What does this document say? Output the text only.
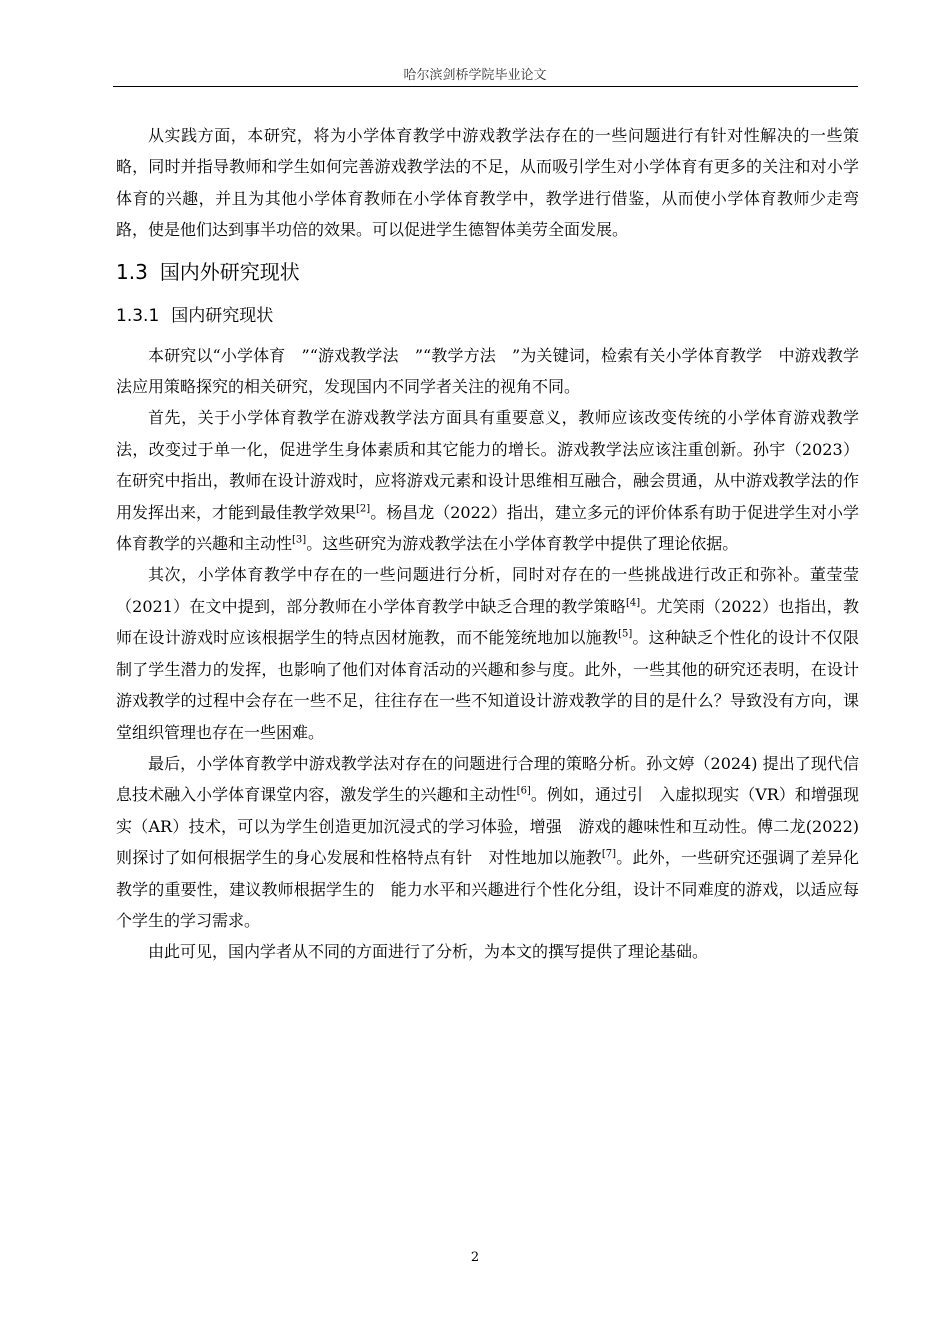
哈尔滨剑桥学院毕业论文

从实践方面，本研究，将为小学体育教学中游戏教学法存在的一些问题进行有针对性解决的一些策略，同时并指导教师和学生如何完善游戏教学法的不足，从而吸引学生对小学体育有更多的关注和对小学体育的兴趣，并且为其他小学体育教师在小学体育教学中，教学进行借鉴，从而使小学体育教师少走弯路，使是他们达到事半功倍的效果。可以促进学生德智体美劳全面发展。

1.3 国内外研究现状
1.3.1 国内研究现状

本研究以“小学体育　”“游戏教学法　”“教学方法　”为关键词，检索有关小学体育教学　中游戏教学法应用策略探究的相关研究，发现国内不同学者关注的视角不同。

首先，关于小学体育教学在游戏教学法方面具有重要意义，教师应该改变传统的小学体育游戏教学法，改变过于单一化，促进学生身体素质和其它能力的增长。游戏教学法应该注重创新。孙宇（2023）在研究中指出，教师在设计游戏时，应将游戏元素和设计思维相互融合，融会贯通，从中游戏教学法的作用发挥出来，才能到最佳教学效果[2]。杨昌龙（2022）指出，建立多元的评价体系有助于促进学生对小学体育教学的兴趣和主动性[3]。这些研究为游戏教学法在小学体育教学中提供了理论依据。

其次，小学体育教学中存在的一些问题进行分析，同时对存在的一些挑战进行改正和弥补。董莹莹（2021）在文中提到，部分教师在小学体育教学中缺乏合理的教学策略[4]。尤笑雨（2022）也指出，教师在设计游戏时应该根据学生的特点因材施教，而不能笼统地加以施教[5]。这种缺乏个性化的设计不仅限制了学生潜力的发挥，也影响了他们对体育活动的兴趣和参与度。此外，一些其他的研究还表明，在设计游戏教学的过程中会存在一些不足，往往存在一些不知道设计游戏教学的目的是什么？导致没有方向，课堂组织管理也存在一些困难。

最后，小学体育教学中游戏教学法对存在的问题进行合理的策略分析。孙文婷（2024) 提出了现代信息技术融入小学体育课堂内容，激发学生的兴趣和主动性[6]。例如，通过引　入虚拟现实（VR）和增强现实（AR）技术，可以为学生创造更加沉浸式的学习体验，增强　游戏的趣味性和互动性。傅二龙(2022)则探讨了如何根据学生的身心发展和性格特点有针　对性地加以施教[7]。此外，一些研究还强调了差异化教学的重要性，建议教师根据学生的　能力水平和兴趣进行个性化分组，设计不同难度的游戏，以适应每个学生的学习需求。

由此可见，国内学者从不同的方面进行了分析，为本文的撰写提供了理论基础。

2
